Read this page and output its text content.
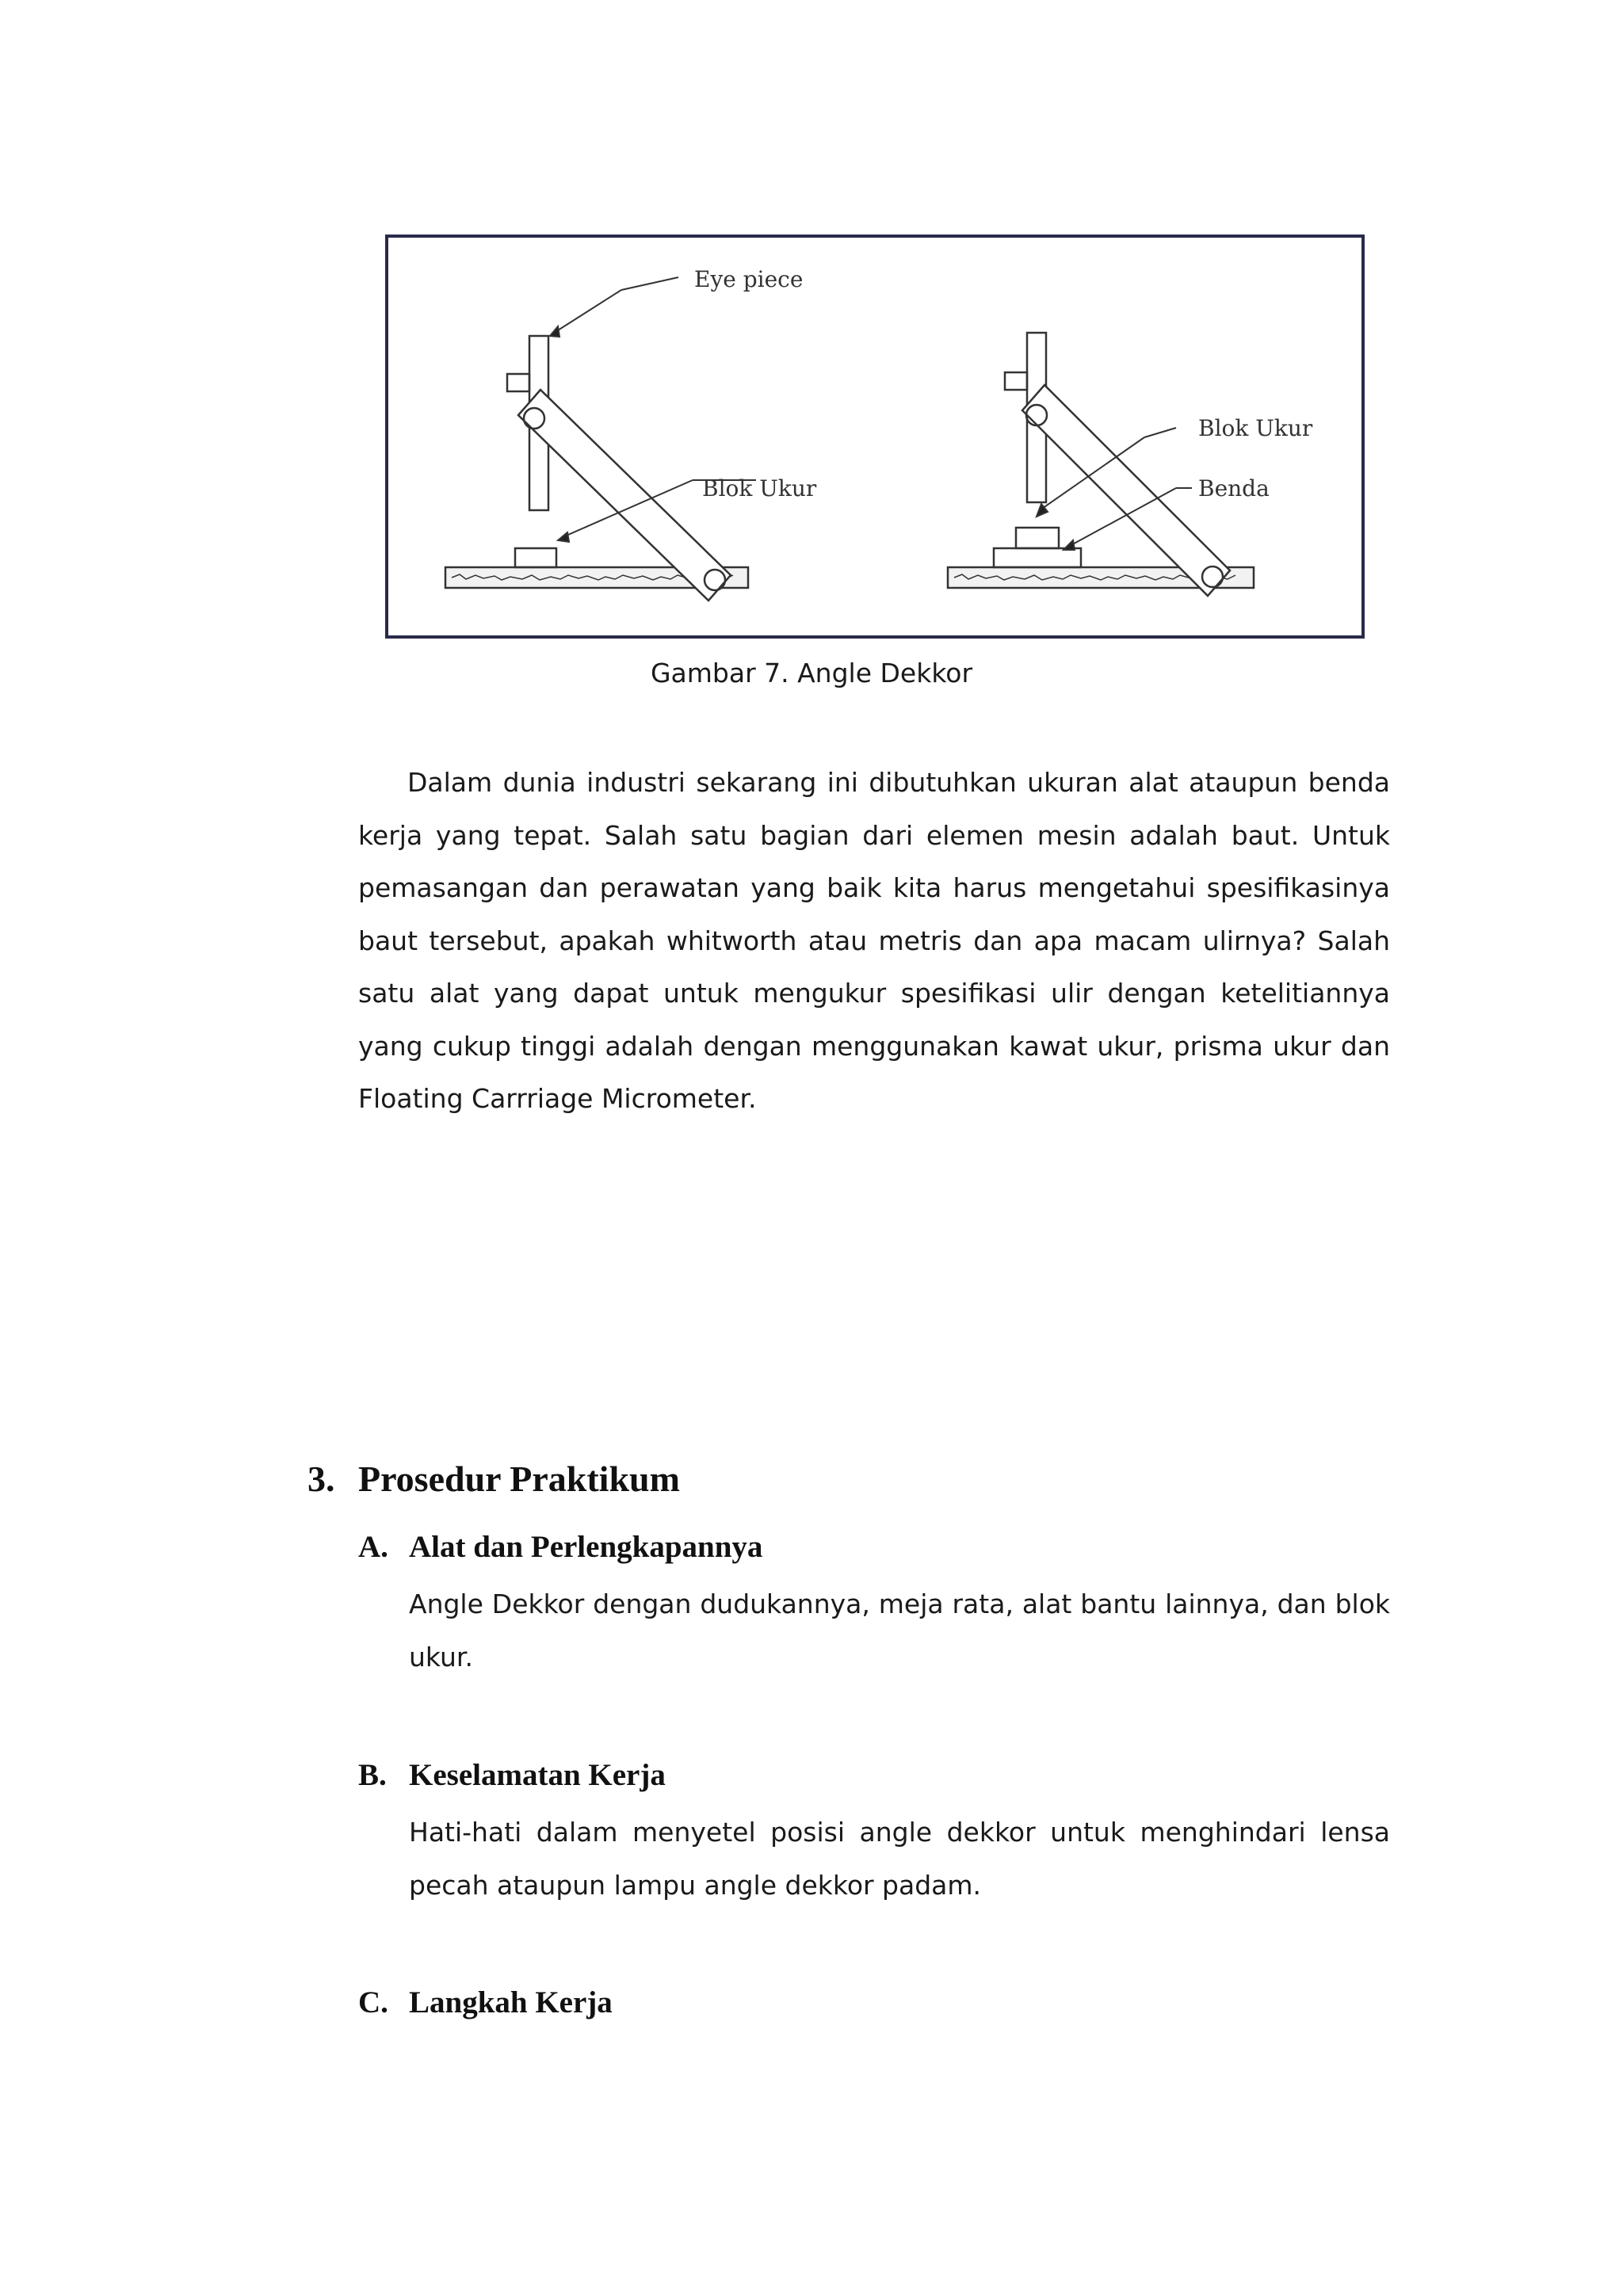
Eye piece
Blok Ukur
Blok Ukur
Benda
Gambar 7. Angle Dekkor
Dalam dunia industri sekarang ini dibutuhkan ukuran alat ataupun benda kerja yang tepat. Salah satu bagian dari elemen mesin adalah baut. Untuk pemasangan dan perawatan yang baik kita harus mengetahui spesifikasinya baut tersebut, apakah whitworth atau metris dan apa macam ulirnya? Salah satu alat yang dapat untuk mengukur spesifikasi ulir dengan ketelitiannya yang cukup tinggi adalah dengan menggunakan kawat ukur, prisma ukur dan Floating Carrriage Micrometer.
3. Prosedur Praktikum
A. Alat dan Perlengkapannya
Angle Dekkor dengan dudukannya, meja rata, alat bantu lainnya, dan blok ukur.
B. Keselamatan Kerja
Hati-hati dalam menyetel posisi angle dekkor untuk menghindari lensa pecah ataupun lampu angle dekkor padam.
C. Langkah Kerja
